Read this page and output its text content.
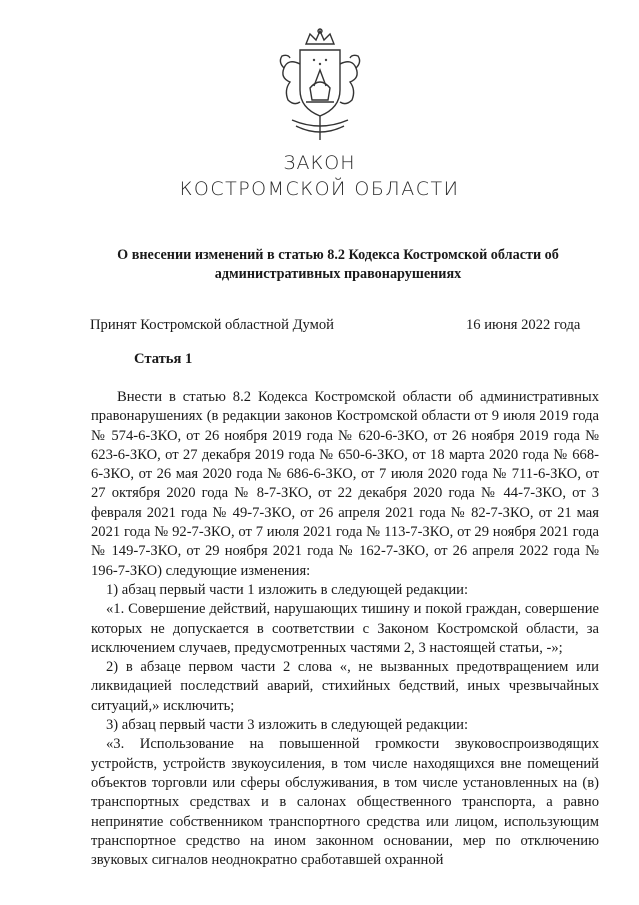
ЗАКОН
КОСТРОМСКОЙ ОБЛАСТИ
О внесении изменений в статью 8.2 Кодекса Костромской области об административных правонарушениях
Принят Костромской областной Думой	16 июня 2022 года
Статья 1

Внести в статью 8.2 Кодекса Костромской области об административных правонарушениях (в редакции законов Костромской области от 9 июля 2019 года № 574-6-ЗКО, от 26 ноября 2019 года № 620-6-ЗКО, от 26 ноября 2019 года № 623-6-ЗКО, от 27 декабря 2019 года № 650-6-ЗКО, от 18 марта 2020 года № 668-6-ЗКО, от 26 мая 2020 года № 686-6-ЗКО, от 7 июля 2020 года № 711-6-ЗКО, от 27 октября 2020 года № 8-7-ЗКО, от 22 декабря 2020 года № 44-7-ЗКО, от 3 февраля 2021 года № 49-7-ЗКО, от 26 апреля 2021 года № 82-7-ЗКО, от 21 мая 2021 года № 92-7-ЗКО, от 7 июля 2021 года № 113-7-ЗКО, от 29 ноября 2021 года № 149-7-ЗКО, от 29 ноября 2021 года № 162-7-ЗКО, от 26 апреля 2022 года № 196-7-ЗКО) следующие изменения:

1) абзац первый части 1 изложить в следующей редакции:

«1. Совершение действий, нарушающих тишину и покой граждан, совершение которых не допускается в соответствии с Законом Костромской области, за исключением случаев, предусмотренных частями 2, 3 настоящей статьи, -»;

2) в абзаце первом части 2 слова «, не вызванных предотвращением или ликвидацией последствий аварий, стихийных бедствий, иных чрезвычайных ситуаций,» исключить;

3) абзац первый части 3 изложить в следующей редакции:

«3. Использование на повышенной громкости звуковоспроизводящих устройств, устройств звукоусиления, в том числе находящихся вне помещений объектов торговли или сферы обслуживания, в том числе установленных на (в) транспортных средствах и в салонах общественного транспорта, а равно непринятие собственником транспортного средства или лицом, использующим транспортное средство на ином законном основании, мер по отключению звуковых сигналов неоднократно сработавшей охранной
